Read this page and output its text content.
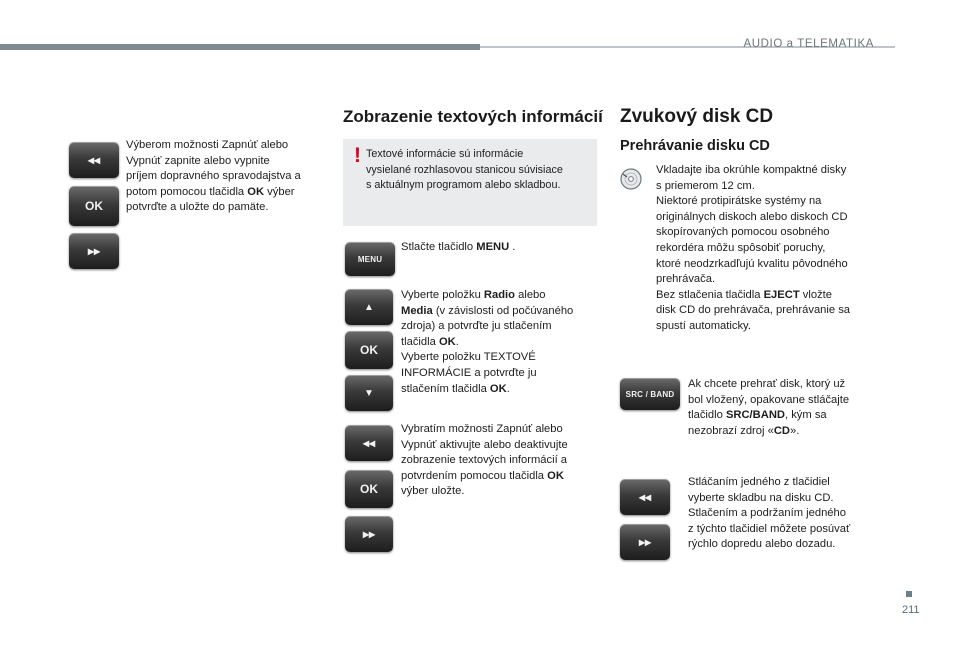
AUDIO a TELEMATIKA
◂◂
OK
▸▸
Výberom možnosti Zapnúť alebo
Vypnúť zapnite alebo vypnite
príjem dopravného spravodajstva a
potom pomocou tlačidla OK výber
potvrďte a uložte do pamäte.
Zobrazenie textových informácií
! Textové informácie sú informácie
vysielané rozhlasovou stanicou súvisiace
s aktuálnym programom alebo skladbou.
MENU
Stlačte tlačidlo MENU .
▲
OK
▼
Vyberte položku Radio alebo
Media (v závislosti od počúvaného
zdroja) a potvrďte ju stlačením
tlačidla OK.
Vyberte položku TEXTOVÉ
INFORMÁCIE a potvrďte ju
stlačením tlačidla OK.
◂◂
OK
▸▸
Vybratím možnosti Zapnúť alebo
Vypnúť aktivujte alebo deaktivujte
zobrazenie textových informácií a
potvrdením pomocou tlačidla OK
výber uložte.
Zvukový disk CD
Prehrávanie disku CD
Vkladajte iba okrúhle kompaktné disky
s priemerom 12 cm.
Niektoré protipirátske systémy na
originálnych diskoch alebo diskoch CD
skopírovaných pomocou osobného
rekordéra môžu spôsobiť poruchy,
ktoré neodzrkadľujú kvalitu pôvodného
prehrávača.
Bez stlačenia tlačidla EJECT vložte
disk CD do prehrávača, prehrávanie sa
spustí automaticky.
SRC / BAND
Ak chcete prehrať disk, ktorý už
bol vložený, opakovane stláčajte
tlačidlo SRC/BAND, kým sa
nezobrazí zdroj «CD».
◂◂
▸▸
Stláčaním jedného z tlačidiel
vyberte skladbu na disku CD.
Stlačením a podržaním jedného
z týchto tlačidiel môžete posúvať
rýchlo dopredu alebo dozadu.
211
